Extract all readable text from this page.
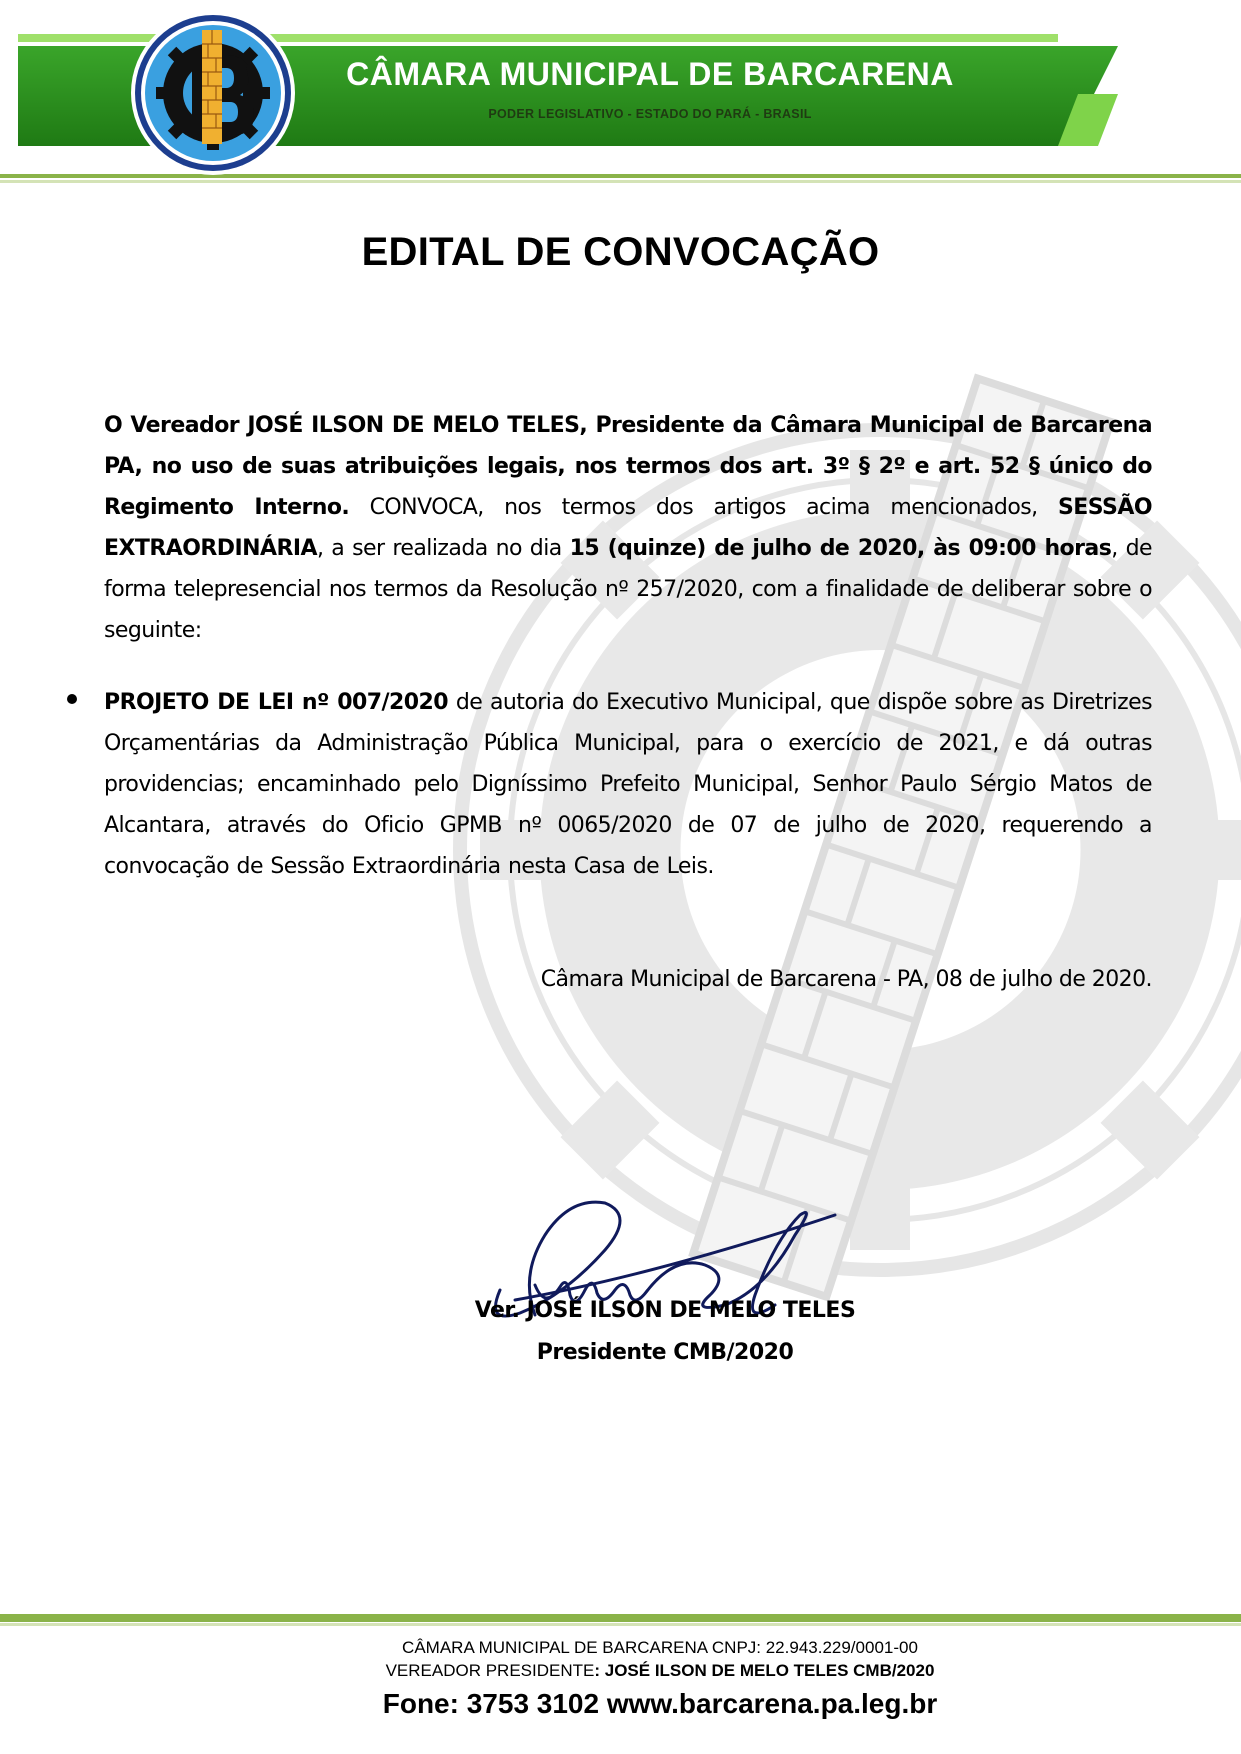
CÂMARA MUNICIPAL DE BARCARENA
PODER LEGISLATIVO - ESTADO DO PARÁ - BRASIL
EDITAL DE CONVOCAÇÃO
O Vereador JOSÉ ILSON DE MELO TELES, Presidente da Câmara Municipal de Barcarena PA, no uso de suas atribuições legais, nos termos dos art. 3º § 2º e art. 52 § único do Regimento Interno. CONVOCA, nos termos dos artigos acima mencionados, SESSÃO EXTRAORDINÁRIA, a ser realizada no dia 15 (quinze) de julho de 2020, às 09:00 horas, de forma telepresencial nos termos da Resolução nº 257/2020, com a finalidade de deliberar sobre o seguinte:
PROJETO DE LEI nº 007/2020 de autoria do Executivo Municipal, que dispõe sobre as Diretrizes Orçamentárias da Administração Pública Municipal, para o exercício de 2021, e dá outras providencias; encaminhado pelo Digníssimo Prefeito Municipal, Senhor Paulo Sérgio Matos de Alcantara, através do Oficio GPMB nº 0065/2020 de 07 de julho de 2020, requerendo a convocação de Sessão Extraordinária nesta Casa de Leis.
Câmara Municipal de Barcarena - PA, 08 de julho de 2020.
Ver. JOSÉ ILSON DE MELO TELES
Presidente CMB/2020
CÂMARA MUNICIPAL DE BARCARENA CNPJ: 22.943.229/0001-00
VEREADOR PRESIDENTE: JOSÉ ILSON DE MELO TELES CMB/2020
Fone: 3753 3102 www.barcarena.pa.leg.br
